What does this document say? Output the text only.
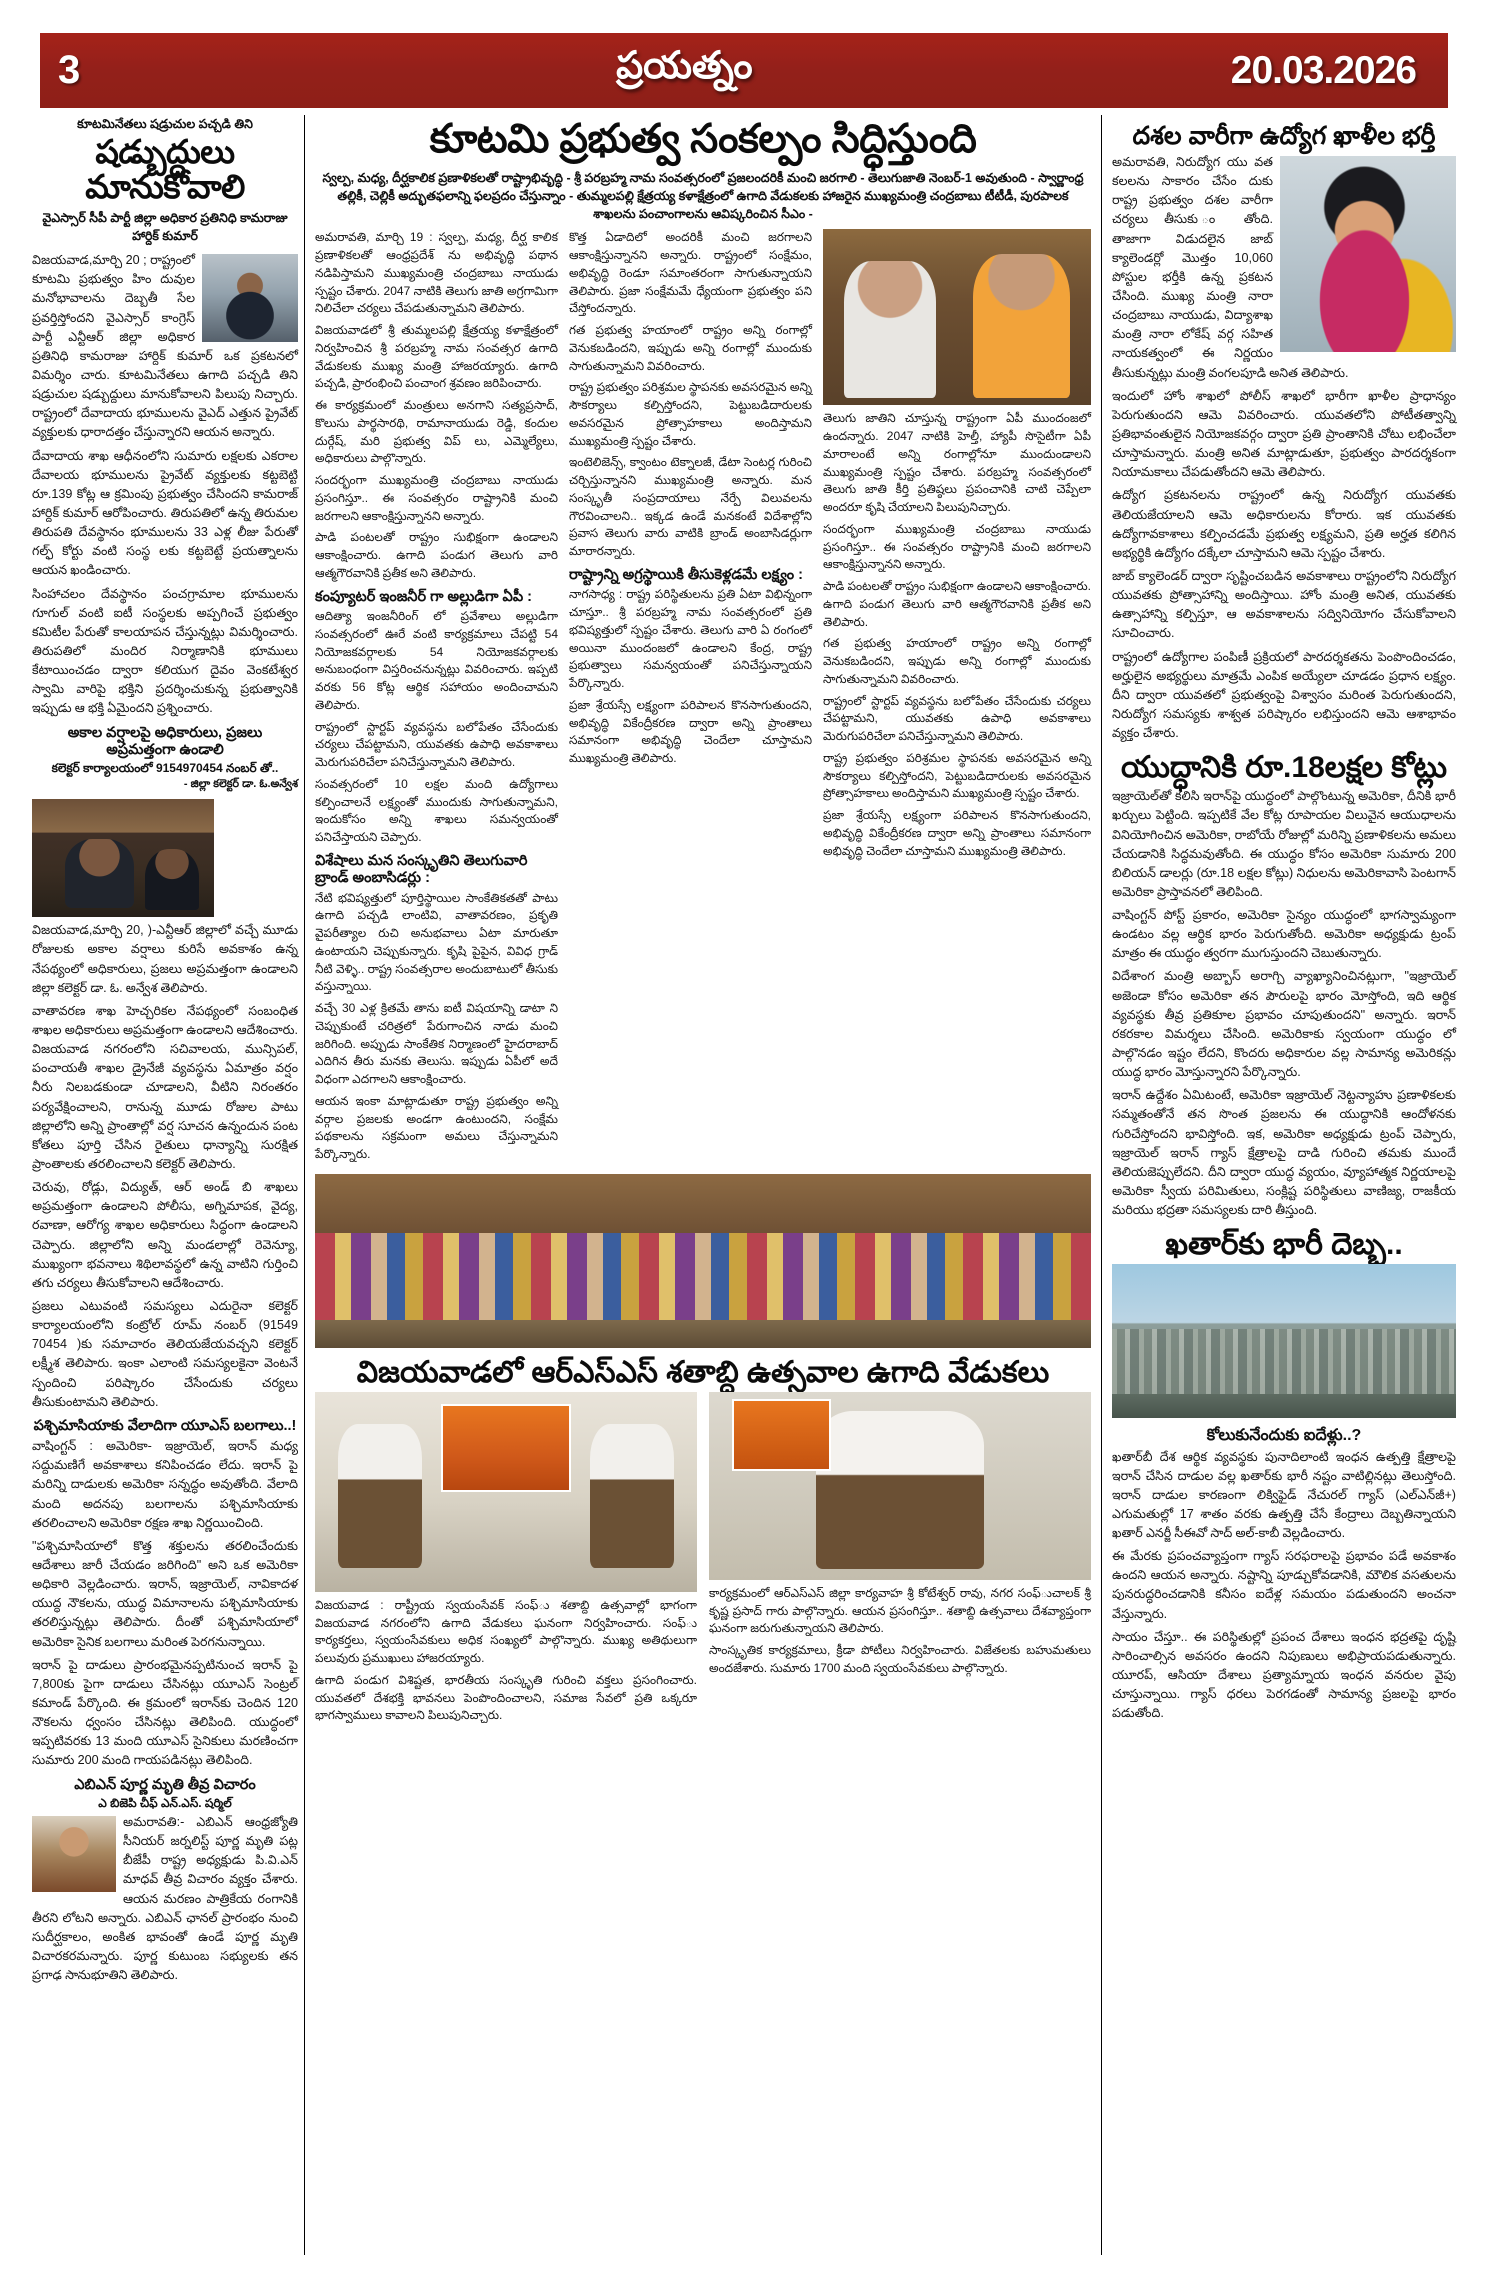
3	ప్రయత్నం	20.03.2026
కూటమినేతలు షడ్రుచుల పచ్చడి తిని
షడ్బుద్దులు మానుకోవాలి
వైఎస్సార్ సీపీ పార్టీ జిల్లా అధికార ప్రతినిధి కామరాజు హార్దిక్ కుమార్

విజయవాడ,మార్చి 20 ; రాష్ట్రంలో కూటమి ప్రభుత్వం హిం దువుల మనోభావాలను దెబ్బతీ సేల ప్రవర్తిస్తోందని వైఎస్సార్ కాంగ్రెస్ పార్టీ ఎన్టీఆర్ జిల్లా అధికార ప్రతినిధి కామరాజు హార్దిక్ కుమార్ ఒక ప్రకటనలో విమర్శిం చారు. కూటమినేతలు ఉగాది పచ్చడి తిని షడ్రుచుల షడ్బుద్దులు మానుకోవాలని పిలుపు నిచ్చారు. రాష్ట్రంలో దేవాదాయ భూములను వైఎద్ ఎత్తున ప్రైవేట్ వ్యక్తులకు ధారాదత్తం చేస్తున్నారని ఆయన అన్నారు.

దేవాదాయ శాఖ ఆధీనంలోని సుమారు లక్షలకు ఎకరాల దేవాలయ భూములను ప్రైవేట్ వ్యక్తులకు కట్టబెట్టి రూ.139 కోట్ల ఆ క్రమింపు ప్రభుత్వం చేసిందని కామరాజ్ హార్దిక్ కుమార్ ఆరోపించారు. తిరుపతిలో ఉన్న తిరుమల తిరుపతి దేవస్థానం భూములను 33 ఎళ్ల లీజు పేరుతో గల్ఫ్ కోర్టు వంటి సంస్థ లకు కట్టబెట్టే ప్రయత్నాలను ఆయన ఖండించారు.

సింహాచలం దేవస్థానం పంచగ్రామాల భూములను గూగుల్ వంటి ఐటీ సంస్థలకు అప్పగించే ప్రభుత్వం కమిటీల పేరుతో కాలయాపన చేస్తున్నట్లు విమర్శించారు. తిరుపతిలో మందిర నిర్మాణానికి భూములు కేటాయించడం ద్వారా కలియుగ దైవం వెంకటేశ్వర స్వామి వారిపై భక్తిని ప్రదర్శించుకున్న ప్రభుత్వానికి ఇప్పుడు ఆ భక్తి ఏమైందని ప్రశ్నించారు.

అకాల వర్షాలపై అధికారులు, ప్రజలు అప్రమత్తంగా ఉండాలి
కలెక్టర్ కార్యాలయంలో 9154970454 నంబర్ తో..
- జిల్లా కలెక్టర్ డా. ఓ.అన్వేశ

విజయవాడ,మార్చి 20, )-ఎన్టీఆర్ జిల్లాలో వచ్చే మూడు రోజులకు అకాల వర్షాలు కురిసే అవకాశం ఉన్న నేపథ్యంలో అధికారులు, ప్రజలు అప్రమత్తంగా ఉండాలని జిల్లా కలెక్టర్ డా. ఓ. అన్వేశ తెలిపారు.

వాతావరణ శాఖ హెచ్చరికల నేపథ్యంలో సంబంధిత శాఖల అధికారులు అప్రమత్తంగా ఉండాలని ఆదేశించారు. విజయవాడ నగరంలోని సచివాలయ, మున్సిపల్, పంచాయతీ శాఖల డ్రైనేజీ వ్యవస్థను ఏమాత్రం వర్షం నీరు నిలబడకుండా చూడాలని, వీటిని నిరంతరం పర్యవేక్షించాలని, రానున్న మూడు రోజుల పాటు జిల్లాలోని అన్ని ప్రాంతాల్లో వర్ష సూచన ఉన్నందున పంట కోతలు పూర్తి చేసిన రైతులు ధాన్యాన్ని సురక్షిత ప్రాంతాలకు తరలించాలని కలెక్టర్ తెలిపారు.

చెరువు, రోడ్లు, విద్యుత్, ఆర్ అండ్ బి శాఖలు అప్రమత్తంగా ఉండాలని పోలీసు, అగ్నిమాపక, వైద్య, రవాణా, ఆరోగ్య శాఖల అధికారులు సిద్ధంగా ఉండాలని చెప్పారు. జిల్లాలోని అన్ని మండలాల్లో రెవెన్యూ, ముఖ్యంగా భవనాలు శిథిలావస్థలో ఉన్న వాటిని గుర్తించి తగు చర్యలు తీసుకోవాలని ఆదేశించారు.

ప్రజలు ఎటువంటి సమస్యలు ఎదురైనా కలెక్టర్ కార్యాలయంలోని కంట్రోల్ రూమ్ నంబర్ (91549 70454 )కు సమాచారం తెలియజేయవచ్చని కలెక్టర్ లక్ష్మీశ తెలిపారు. ఇంకా ఎలాంటి సమస్యలకైనా వెంటనే స్పందించి పరిష్కారం చేసేందుకు చర్యలు తీసుకుంటామని తెలిపారు.

పశ్చిమాసియాకు వేలాదిగా యూఎస్ బలగాలు..!

వాషింగ్టన్ : అమెరికా- ఇజ్రాయెల్, ఇరాన్ మధ్య సద్దుమణిగే అవకాశాలు కనిపించడం లేదు. ఇరాన్ పై మరిన్ని దాడులకు అమెరికా సన్నద్ధం అవుతోంది. వేలాది మంది అదనపు బలగాలను పశ్చిమాసియాకు తరలించాలని అమెరికా రక్షణ శాఖ నిర్ణయించింది.

"పశ్చిమాసియాలో కొత్త శక్తులను తరలించేందుకు ఆదేశాలు జారీ చేయడం జరిగింది" అని ఒక అమెరికా అధికారి వెల్లడించారు. ఇరాన్, ఇజ్రాయెల్, నావికాదళ యుద్ధ నౌకలను, యుద్ధ విమానాలను పశ్చిమాసియాకు తరలిస్తున్నట్లు తెలిపారు. దీంతో పశ్చిమాసియాలో అమెరికా సైనిక బలగాలు మరింత పెరగనున్నాయి.

ఇరాన్ పై దాడులు ప్రారంభమైనప్పటినుంచ ఇరాన్ పై 7,800కు పైగా దాడులు చేసినట్లు యూఎస్ సెంట్రల్ కమాండ్ పేర్కొంది. ఈ క్రమంలో ఇరాన్‌కు చెందిన 120 నౌకలను ధ్వంసం చేసినట్లు తెలిపింది. యుద్ధంలో ఇప్పటివరకు 13 మంది యూఎస్ సైనికులు మరణించగా సుమారు 200 మంది గాయపడినట్లు తెలిపింది.

ఎబిఎన్ పూర్ణ మృతి తీవ్ర విచారం
ఎ బిజెపి చీఫ్ ఎన్.ఎస్. షర్మిల్

అమరావతి:- ఎబిఎన్ ఆంధ్రజ్యోతి సీనియర్ జర్నలిస్ట్ పూర్ణ మృతి పట్ల బీజేపీ రాష్ట్ర అధ్యక్షుడు పి.వి.ఎన్ మాధవ్ తీవ్ర విచారం వ్యక్తం చేశారు. ఆయన మరణం పాత్రికేయ రంగానికి తీరని లోటని అన్నారు. ఎబిఎన్ ఛానల్ ప్రారంభం నుంచి సుదీర్ఘకాలం, అంకిత భావంతో ఉండే పూర్ణ మృతి విచారకరమన్నారు. పూర్ణ కుటుంబ సభ్యులకు తన ప్రగాఢ సానుభూతిని తెలిపారు.

కూటమి ప్రభుత్వ సంకల్పం సిద్ధిస్తుంది
స్వల్ప, మధ్య, దీర్ఘకాలిక ప్రణాళికలతో రాష్ట్రాభివృద్ధి - శ్రీ పరబ్రహ్మ నామ సంవత్సరంలో ప్రజలందరికీ మంచి జరగాలి - తెలుగుజాతి నెంబర్-1 అవుతుంది - స్వార్ణాంధ్ర తల్లికీ, చెల్లికీ అద్భుతఫలాన్ని ఫలప్రదం చేస్తున్నాం - తుమ్మలపల్లి క్షేత్రయ్య కళాక్షేత్రంలో ఉగాది వేడుకలకు హాజరైన ముఖ్యమంత్రి చంద్రబాబు టీటీడీ, పురపాలక శాఖలను పంచాంగాలను ఆవిష్కరించిన సీఎం -

అమరావతి, మార్చి 19 : స్వల్ప, మధ్య, దీర్ఘ కాలిక ప్రణాళికలతో ఆంధ్రప్రదేశ్ ను అభివృద్ధి పథాన నడిపిస్తామని ముఖ్యమంత్రి చంద్రబాబు నాయుడు స్పష్టం చేశారు. 2047 నాటికి తెలుగు జాతి అగ్రగామిగా నిలిచేలా చర్యలు చేపడుతున్నామని తెలిపారు.

విజయవాడలో శ్రీ తుమ్మలపల్లి క్షేత్రయ్య కళాక్షేత్రంలో నిర్వహించిన శ్రీ పరబ్రహ్మ నామ సంవత్సర ఉగాది వేడుకలకు ముఖ్య మంత్రి హాజరయ్యారు. ఉగాది పచ్చడి, ప్రారంభించి పంచాంగ శ్రవణం జరిపించారు.

ఈ కార్యక్రమంలో మంత్రులు అనగాని సత్యప్రసాద్, కొలుసు పార్థసారథి, రామానాయుడు రెడ్డి, కందుల దుర్గేష్, మరి ప్రభుత్వ విప్ లు, ఎమ్మెల్యేలు, అధికారులు పాల్గొన్నారు.

సందర్భంగా ముఖ్యమంత్రి చంద్రబాబు నాయుడు ప్రసంగిస్తూ.. ఈ సంవత్సరం రాష్ట్రానికి మంచి జరగాలని ఆకాంక్షిస్తున్నానని అన్నారు.

పాడి పంటలతో రాష్ట్రం సుభిక్షంగా ఉండాలని ఆకాంక్షించారు. ఉగాది పండుగ తెలుగు వారి ఆత్మగౌరవానికి ప్రతీక అని తెలిపారు.

కంప్యూటర్ ఇంజనీర్ గా అల్లుడిగా ఏపీ :

ఆదిత్యా ఇంజనీరింగ్ లో ప్రవేశాలు అల్లుడిగా సంవత్సరంలో ఊరే వంటి కార్యక్రమాలు చేపట్టి 54 నియోజకవర్గాలకు 54 నియోజకవర్గాలకు అనుబంధంగా విస్తరించనున్నట్లు వివరించారు. ఇప్పటి వరకు 56 కోట్ల ఆర్థిక సహాయం అందించామని తెలిపారు.

రాష్ట్రంలో స్టార్టప్ వ్యవస్థను బలోపేతం చేసేందుకు చర్యలు చేపట్టామని, యువతకు ఉపాధి అవకాశాలు మెరుగుపరిచేలా పనిచేస్తున్నామని తెలిపారు.

సంవత్సరంలో 10 లక్షల మంది ఉద్యోగాలు కల్పించాలనే లక్ష్యంతో ముందుకు సాగుతున్నామని, ఇందుకోసం అన్ని శాఖలు సమన్వయంతో పనిచేస్తాయని చెప్పారు.

విశేషాలు మన సంస్కృతిని తెలుగువారి బ్రాండ్ అంబాసిడర్లు :

నేటి భవిష్యత్తులో పూర్తిస్థాయిల సాంకేతికతతో పాటు ఉగాది పచ్చడి లాంటివి, వాతావరణం, ప్రకృతి వైపరీత్యాల రుచి అనుభవాలు ఏటా మారుతూ ఉంటాయని చెప్పుకున్నారు. కృషి పైపైన, వివిధ గ్రాడ్ నీటి వెళ్ళి.. రాష్ట్ర సంవత్సరాల అందుబాటులో తీసుకు వస్తున్నాయి.

వచ్చే 30 ఎళ్ల క్రితమే తాను ఐటీ విషయాన్ని డాటా ని చెప్పుకుంటే చరిత్రలో పేరుగాంచిన నాడు మంచి జరిగింది. అప్పుడు సాంకేతిక నిర్మాణంలో హైదరాబాద్ ఎదిగిన తీరు మనకు తెలుసు. ఇప్పుడు ఏపీలో అదే విధంగా ఎదగాలని ఆకాంక్షించారు.

ఆయన ఇంకా మాట్లాడుతూ రాష్ట్ర ప్రభుత్వం అన్ని వర్గాల ప్రజలకు అండగా ఉంటుందని, సంక్షేమ పథకాలను సక్రమంగా అమలు చేస్తున్నామని పేర్కొన్నారు.

కొత్త ఏడాదిలో అందరికీ మంచి జరగాలని ఆకాంక్షిస్తున్నానని అన్నారు. రాష్ట్రంలో సంక్షేమం, అభివృద్ధి రెండూ సమాంతరంగా సాగుతున్నాయని తెలిపారు. ప్రజా సంక్షేమమే ధ్యేయంగా ప్రభుత్వం పని చేస్తోందన్నారు.

గత ప్రభుత్వ హయాంలో రాష్ట్రం అన్ని రంగాల్లో వెనుకబడిందని, ఇప్పుడు అన్ని రంగాల్లో ముందుకు సాగుతున్నామని వివరించారు.

రాష్ట్ర ప్రభుత్వం పరిశ్రమల స్థాపనకు అవసరమైన అన్ని సౌకర్యాలు కల్పిస్తోందని, పెట్టుబడిదారులకు అవసరమైన ప్రోత్సాహకాలు అందిస్తామని ముఖ్యమంత్రి స్పష్టం చేశారు.

ఇంటెలిజెన్స్, క్వాంటం టెక్నాలజీ, డేటా సెంటర్ల గురించి చర్చిస్తున్నానని ముఖ్యమంత్రి అన్నారు. మన సంస్కృతీ సంప్రదాయాలు నేర్పే విలువలను గౌరవించాలని.. ఇక్కడ ఉండే మనకంటే విదేశాల్లోని ప్రవాస తెలుగు వారు వాటికి బ్రాండ్ అంబాసిడర్లుగా మారారన్నారు.

రాష్ట్రాన్ని అగ్రస్థాయికి తీసుకెళ్లడమే లక్ష్యం :

నాగసాధ్య : రాష్ట్ర పరిస్థితులను ప్రతి ఏటా విభిన్నంగా చూస్తూ.. శ్రీ పరబ్రహ్మ నామ సంవత్సరంలో ప్రతి భవిష్యత్తులో స్పష్టం చేశారు. తెలుగు వారి ఏ రంగంలో అయినా ముందంజలో ఉండాలని కేంద్ర, రాష్ట్ర ప్రభుత్వాలు సమన్వయంతో పనిచేస్తున్నాయని పేర్కొన్నారు.

ప్రజా శ్రేయస్సే లక్ష్యంగా పరిపాలన కొనసాగుతుందని, అభివృద్ధి వికేంద్రీకరణ ద్వారా అన్ని ప్రాంతాలు సమానంగా అభివృద్ధి చెందేలా చూస్తామని ముఖ్యమంత్రి తెలిపారు.

తెలుగు జాతిని చూస్తున్న రాష్ట్రంగా ఏపీ ముందంజలో ఉందన్నారు. 2047 నాటికి హెల్తీ, హ్యాపీ సొసైటీగా ఏపీ మారాలంటే అన్ని రంగాల్లోనూ ముందుండాలని ముఖ్యమంత్రి స్పష్టం చేశారు. పరబ్రహ్మ సంవత్సరంలో తెలుగు జాతి కీర్తి ప్రతిష్ఠలు ప్రపంచానికి చాటి చెప్పేలా అందరూ కృషి చేయాలని పిలుపునిచ్చారు.

సందర్భంగా ముఖ్యమంత్రి చంద్రబాబు నాయుడు ప్రసంగిస్తూ.. ఈ సంవత్సరం రాష్ట్రానికి మంచి జరగాలని ఆకాంక్షిస్తున్నానని అన్నారు.

పాడి పంటలతో రాష్ట్రం సుభిక్షంగా ఉండాలని ఆకాంక్షించారు. ఉగాది పండుగ తెలుగు వారి ఆత్మగౌరవానికి ప్రతీక అని తెలిపారు.

గత ప్రభుత్వ హయాంలో రాష్ట్రం అన్ని రంగాల్లో వెనుకబడిందని, ఇప్పుడు అన్ని రంగాల్లో ముందుకు సాగుతున్నామని వివరించారు.

రాష్ట్రంలో స్టార్టప్ వ్యవస్థను బలోపేతం చేసేందుకు చర్యలు చేపట్టామని, యువతకు ఉపాధి అవకాశాలు మెరుగుపరిచేలా పనిచేస్తున్నామని తెలిపారు.

రాష్ట్ర ప్రభుత్వం పరిశ్రమల స్థాపనకు అవసరమైన అన్ని సౌకర్యాలు కల్పిస్తోందని, పెట్టుబడిదారులకు అవసరమైన ప్రోత్సాహకాలు అందిస్తామని ముఖ్యమంత్రి స్పష్టం చేశారు.

ప్రజా శ్రేయస్సే లక్ష్యంగా పరిపాలన కొనసాగుతుందని, అభివృద్ధి వికేంద్రీకరణ ద్వారా అన్ని ప్రాంతాలు సమానంగా అభివృద్ధి చెందేలా చూస్తామని ముఖ్యమంత్రి తెలిపారు.

విజయవాడలో ఆర్ఎస్ఎస్ శతాబ్ది ఉత్సవాల ఉగాది వేడుకలు

విజయవాడ : రాష్ట్రీయ స్వయంసేవక్ సంఫ్ు శతాబ్ది ఉత్సవాల్లో భాగంగా విజయవాడ నగరంలోని ఉగాది వేడుకలు ఘనంగా నిర్వహించారు. సంఫ్ు కార్యకర్తలు, స్వయంసేవకులు అధిక సంఖ్యలో పాల్గొన్నారు. ముఖ్య అతిథులుగా పలువురు ప్రముఖులు హాజరయ్యారు.

ఉగాది పండుగ విశిష్టత, భారతీయ సంస్కృతి గురించి వక్తలు ప్రసంగించారు. యువతలో దేశభక్తి భావనలు పెంపొందించాలని, సమాజ సేవలో ప్రతి ఒక్కరూ భాగస్వాములు కావాలని పిలుపునిచ్చారు.

కార్యక్రమంలో ఆర్ఎస్ఎస్ జిల్లా కార్యవాహ శ్రీ కోటేశ్వర్ రావు, నగర సంఫ్ుచాలక్ శ్రీ కృష్ణ ప్రసాద్ గారు పాల్గొన్నారు. ఆయన ప్రసంగిస్తూ.. శతాబ్ది ఉత్సవాలు దేశవ్యాప్తంగా ఘనంగా జరుగుతున్నాయని తెలిపారు.

సాంస్కృతిక కార్యక్రమాలు, క్రీడా పోటీలు నిర్వహించారు. విజేతలకు బహుమతులు అందజేశారు. సుమారు 1700 మంది స్వయంసేవకులు పాల్గొన్నారు.

దశల వారీగా ఉద్యోగ ఖాళీల భర్తీ

అమరావతి, నిరుద్యోగ యు వత కలలను సాకారం చేసేం దుకు రాష్ట్ర ప్రభుత్వం దశల వారీగా చర్యలు తీసుకు ం తోంది. తాజాగా విడుదలైన జాబ్ క్యాలెండర్లో మొత్తం 10,060 పోస్టుల భర్తీకి ఉన్న ప్రకటన చేసింది. ముఖ్య మంత్రి నారా చంద్రబాబు నాయుడు, విద్యాశాఖ మంత్రి నారా లోకేష్ వర్గ సహిత నాయకత్వంలో ఈ నిర్ణయం తీసుకున్నట్లు మంత్రి వంగలపూడి అనిత తెలిపారు.

ఇందులో హోం శాఖలో పోలీస్ శాఖలో భారీగా ఖాళీల ప్రాధాన్యం పెరుగుతుందని ఆమె వివరించారు. యువతలోని పోటీతత్వాన్ని ప్రతిభావంతులైన నియోజకవర్గం ద్వారా ప్రతి ప్రాంతానికి చోటు లభించేలా చూస్తామన్నారు. మంత్రి అనిత మాట్లాడుతూ, ప్రభుత్వం పారదర్శకంగా నియామకాలు చేపడుతోందని ఆమె తెలిపారు.

ఉద్యోగ ప్రకటనలను రాష్ట్రంలో ఉన్న నిరుద్యోగ యువతకు తెలియజేయాలని ఆమె అధికారులను కోరారు. ఇక యువతకు ఉద్యోగావకాశాలు కల్పించడమే ప్రభుత్వ లక్ష్యమని, ప్రతి అర్హత కలిగిన అభ్యర్థికి ఉద్యోగం దక్కేలా చూస్తామని ఆమె స్పష్టం చేశారు.

జాబ్ క్యాలెండర్ ద్వారా సృష్టించబడిన అవకాశాలు రాష్ట్రంలోని నిరుద్యోగ యువతకు ప్రోత్సాహాన్ని అందిస్తాయి. హోం మంత్రి అనిత, యువతకు ఉత్సాహాన్ని కల్పిస్తూ, ఆ అవకాశాలను సద్వినియోగం చేసుకోవాలని సూచించారు.

రాష్ట్రంలో ఉద్యోగాల పంపిణీ ప్రక్రియలో పారదర్శకతను పెంపొందించడం, అర్హులైన అభ్యర్థులు మాత్రమే ఎంపిక అయ్యేలా చూడడం ప్రధాన లక్ష్యం. దీని ద్వారా యువతలో ప్రభుత్వంపై విశ్వాసం మరింత పెరుగుతుందని, నిరుద్యోగ సమస్యకు శాశ్వత పరిష్కారం లభిస్తుందని ఆమె ఆశాభావం వ్యక్తం చేశారు.

యుద్ధానికి రూ.18లక్షల కోట్లు

ఇజ్రాయెల్‌తో కలిసి ఇరాన్‌పై యుద్ధంలో పాల్గొంటున్న అమెరికా, దీనికి భారీ ఖర్చులు పెట్టింది. ఇప్పటికే వేల కోట్ల రూపాయల విలువైన ఆయుధాలను వినియోగించిన అమెరికా, రాబోయే రోజుల్లో మరిన్ని ప్రణాళికలను అమలు చేయడానికి సిద్ధమవుతోంది. ఈ యుద్ధం కోసం అమెరికా సుమారు 200 బిలియన్ డాలర్లు (రూ.18 లక్షల కోట్లు) నిధులను అమెరికావాసి పెంటగాన్ అమెరికా ప్రాస్తావనలో తెలిపింది.

వాషింగ్టన్ పోస్ట్ ప్రకారం, అమెరికా సైన్యం యుద్ధంలో భాగస్వామ్యంగా ఉండటం వల్ల ఆర్థిక భారం పెరుగుతోంది. అమెరికా అధ్యక్షుడు ట్రంప్ మాత్రం ఈ యుద్ధం త్వరగా ముగుస్తుందని చెబుతున్నారు.

విదేశాంగ మంత్రి అబ్బాస్ అరాగ్చి వ్యాఖ్యానించినట్లుగా, "ఇజ్రాయెల్ అజెండా కోసం అమెరికా తన పౌరులపై భారం మోస్తోంది, ఇది ఆర్థిక వ్యవస్థకు తీవ్ర ప్రతికూల ప్రభావం చూపుతుందని" అన్నారు. ఇరాన్ రకరకాల విమర్శలు చేసింది. అమెరికాకు స్వయంగా యుద్ధం లో పాల్గొనడం ఇష్టం లేదని, కొందరు అధికారుల వల్ల సామాన్య అమెరికన్లు యుద్ధ భారం మోస్తున్నారని పేర్కొన్నారు.

ఇరాన్ ఉద్దేశం ఏమిటంటే, అమెరికా ఇజ్రాయెల్ నెట్టన్యాహు ప్రణాళికలకు సమ్మతంతోనే తన సొంత ప్రజలను ఈ యుద్ధానికి ఆందోళనకు గురిచేస్తోందని భావిస్తోంది. ఇక, అమెరికా అధ్యక్షుడు ట్రంప్ చెప్పారు, ఇజ్రాయెల్ ఇరాన్ గ్యాస్ క్షేత్రాలపై దాడి గురించి తమకు ముందే తెలియజెప్పులేదని. దీని ద్వారా యుద్ధ వ్యయం, వ్యూహాత్మక నిర్ణయాలపై అమెరికా స్వీయ పరిమితులు, సంక్లిష్ట పరిస్థితులు వాణిజ్య, రాజకీయ మరియు భద్రతా సమస్యలకు దారి తీస్తుంది.

ఖతార్‌కు భారీ దెబ్బ..
కోలుకునేందుకు ఐదేళ్లు..?

ఖతార్‌బీ దేశ ఆర్థిక వ్యవస్థకు పునాదిలాంటి ఇంధన ఉత్పత్తి క్షేత్రాలపై ఇరాన్ చేసిన దాడుల వల్ల ఖతార్‌కు భారీ నష్టం వాటిల్లినట్లు తెలుస్తోంది. ఇరాన్ దాడుల కారణంగా లిక్విఫైడ్ నేచురల్ గ్యాస్ (ఎల్ఎన్‌జీ+) ఎగుమతుల్లో 17 శాతం వరకు ఉత్పత్తి చేసే కేంద్రాలు దెబ్బతిన్నాయని ఖతార్ ఎనర్జీ సీఈవో సాద్ అల్-కాబీ వెల్లడించారు.

ఈ మేరకు ప్రపంచవ్యాప్తంగా గ్యాస్ సరఫరాలపై ప్రభావం పడే అవకాశం ఉందని ఆయన అన్నారు. నష్టాన్ని పూడ్చుకోవడానికి, మౌలిక వసతులను పునరుద్ధరించడానికి కనీసం ఐదేళ్ల సమయం పడుతుందని అంచనా వేస్తున్నారు.

సాయం చేస్తూ.. ఈ పరిస్థితుల్లో ప్రపంచ దేశాలు ఇంధన భద్రతపై దృష్టి సారించాల్సిన అవసరం ఉందని నిపుణులు అభిప్రాయపడుతున్నారు. యూరప్, ఆసియా దేశాలు ప్రత్యామ్నాయ ఇంధన వనరుల వైపు చూస్తున్నాయి. గ్యాస్ ధరలు పెరగడంతో సామాన్య ప్రజలపై భారం పడుతోంది.
